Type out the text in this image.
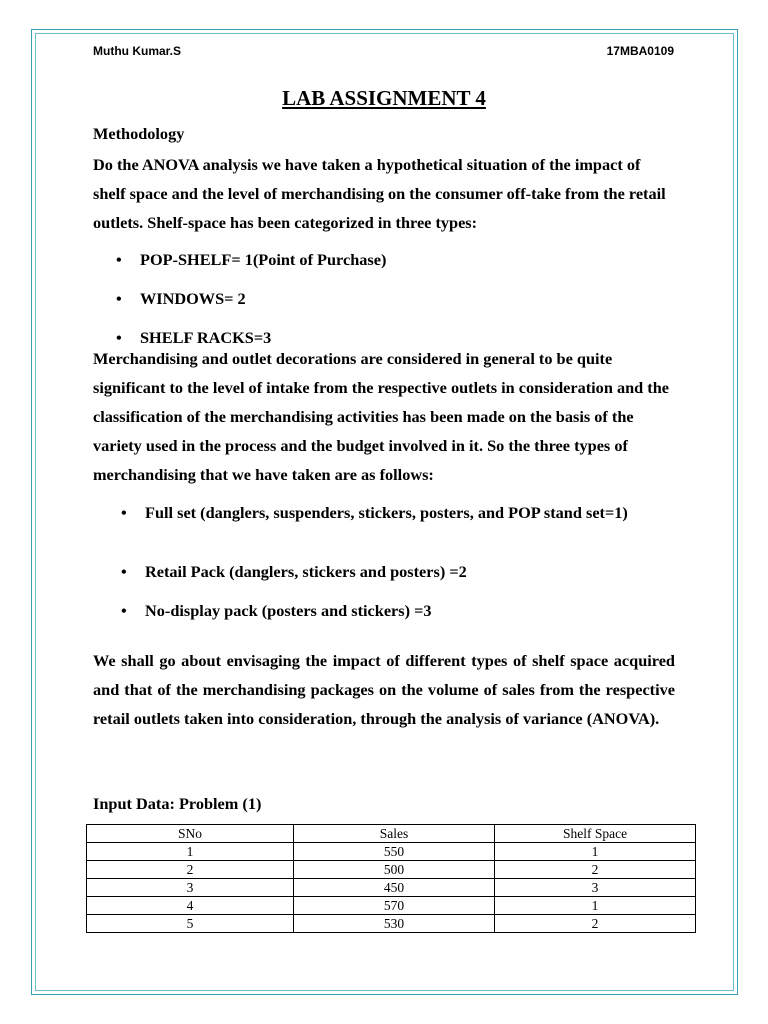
Muthu Kumar.S	17MBA0109
LAB ASSIGNMENT 4
Methodology

Do the ANOVA analysis we have taken a hypothetical situation of the impact of shelf space and the level of merchandising on the consumer off-take from the retail outlets. Shelf-space has been categorized in three types:

• POP-SHELF= 1(Point of Purchase)
• WINDOWS= 2
• SHELF RACKS=3

Merchandising and outlet decorations are considered in general to be quite significant to the level of intake from the respective outlets in consideration and the classification of the merchandising activities has been made on the basis of the variety used in the process and the budget involved in it. So the three types of merchandising that we have taken are as follows:

• Full set (danglers, suspenders, stickers, posters, and POP stand set=1)
• Retail Pack (danglers, stickers and posters) =2
• No-display pack (posters and stickers) =3

We shall go about envisaging the impact of different types of shelf space acquired and that of the merchandising packages on the volume of sales from the respective retail outlets taken into consideration, through the analysis of variance (ANOVA).

Input Data: Problem (1)
SNo	Sales	Shelf Space
1	550	1
2	500	2
3	450	3
4	570	1
5	530	2
